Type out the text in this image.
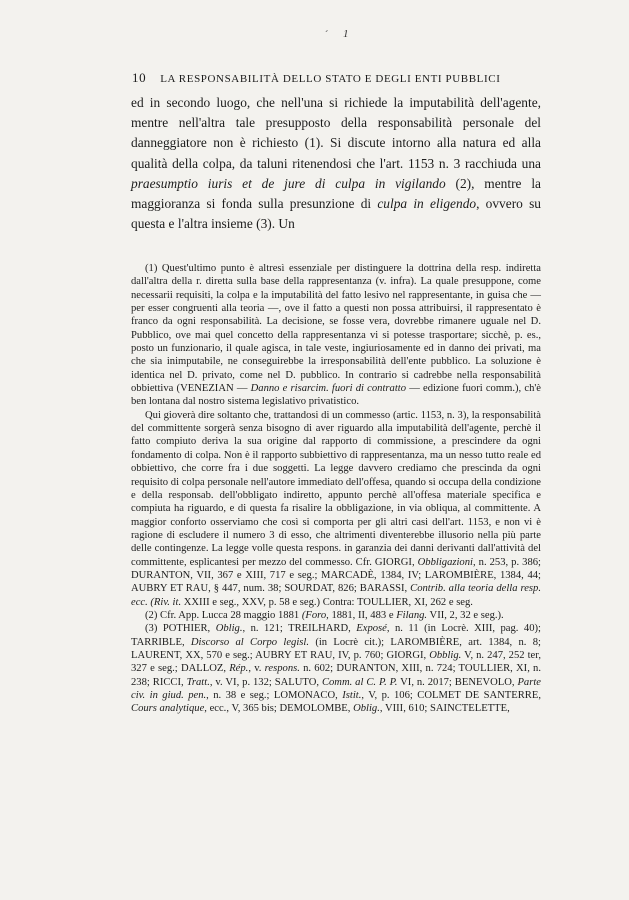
ˊ 1
10 LA RESPONSABILITÀ DELLO STATO E DEGLI ENTI PUBBLICI

ed in secondo luogo, che nell'una si richiede la imputabilità dell'agente, mentre nell'altra tale presupposto della responsabilità personale del danneggiatore non è richiesto (1). Si discute intorno alla natura ed alla qualità della colpa, da taluni ritenendosi che l'art. 1153 n. 3 racchiuda una praesumptio iuris et de jure di culpa in vigilando (2), mentre la maggioranza si fonda sulla presunzione di culpa in eligendo, ovvero su questa e l'altra insieme (3). Un

(1) Quest'ultimo punto è altresì essenziale per distinguere la dottrina della resp. indiretta dall'altra della r. diretta sulla base della rappresentanza (v. infra). La quale presuppone, come necessarii requisiti, la colpa e la imputabilità del fatto lesivo nel rappresentante, in guisa che — per esser congruenti alla teoria —, ove il fatto a questi non possa attribuirsi, il rappresentato è franco da ogni responsabilità. La decisione, se fosse vera, dovrebbe rimanere uguale nel D. Pubblico, ove mai quel concetto della rappresentanza vi si potesse trasportare; sicchè, p. es., posto un funzionario, il quale agisca, in tale veste, ingiuriosamente ed in danno dei privati, ma che sia inimputabile, ne conseguirebbe la irresponsabilità dell'ente pubblico. La soluzione è identica nel D. privato, come nel D. pubblico. In contrario si cadrebbe nella responsabilità obbiettiva (VENEZIAN — Danno e risarcim. fuori di contratto — edizione fuori comm.), ch'è ben lontana dal nostro sistema legislativo privatistico.

Qui gioverà dire soltanto che, trattandosi di un commesso (artic. 1153, n. 3), la responsabilità del committente sorgerà senza bisogno di aver riguardo alla imputabilità dell'agente, perchè il fatto compiuto deriva la sua origine dal rapporto di commissione, a prescindere da ogni fondamento di colpa. Non è il rapporto subbiettivo di rappresentanza, ma un nesso tutto reale ed obbiettivo, che corre fra i due soggetti. La legge davvero crediamo che prescinda da ogni requisito di colpa personale nell'autore immediato dell'offesa, quando si occupa della condizione e della responsab. dell'obbligato indiretto, appunto perchè all'offesa materiale specifica e compiuta ha riguardo, e di questa fa risalire la obbligazione, in via obliqua, al committente. A maggior conforto osserviamo che così si comporta per gli altri casi dell'art. 1153, e non vi è ragione di escludere il numero 3 di esso, che altrimenti diventerebbe illusorio nella più parte delle contingenze. La legge volle questa respons. in garanzia dei danni derivanti dall'attività del committente, esplicantesi per mezzo del commesso. Cfr. GIORGI, Obbligazioni, n. 253, p. 386; DURANTON, VII, 367 e XIII, 717 e seg.; MARCADÈ, 1384, IV; LAROMBIÈRE, 1384, 44; AUBRY ET RAU, § 447, num. 38; SOURDAT, 826; BARASSI, Contrib. alla teoria della resp. ecc. (Riv. it. XXIII e seg., XXV, p. 58 e seg.) Contra: TOULLIER, XI, 262 e seg.

(2) Cfr. App. Lucca 28 maggio 1881 (Foro, 1881, II, 483 e Filang. VII, 2, 32 e seg.).

(3) POTHIER, Oblig., n. 121; TREILHARD, Exposé, n. 11 (in Locrè. XIII, pag. 40); TARRIBLE, Discorso al Corpo legisl. (in Locrè cit.); LAROMBIÈRE, art. 1384, n. 8; LAURENT, XX, 570 e seg.; AUBRY ET RAU, IV, p. 760; GIORGI, Obblig. V, n. 247, 252 ter, 327 e seg.; DALLOZ, Rép., v. respons. n. 602; DURANTON, XIII, n. 724; TOULLIER, XI, n. 238; RICCI, Tratt., v. VI, p. 132; SALUTO, Comm. al C. P. P. VI, n. 2017; BENEVOLO, Parte civ. in giud. pen., n. 38 e seg.; LOMONACO, Istit., V, p. 106; COLMET DE SANTERRE, Cours analytique, ecc., V, 365 bis; DEMOLOMBE, Oblig., VIII, 610; SAINCTELETTE,
